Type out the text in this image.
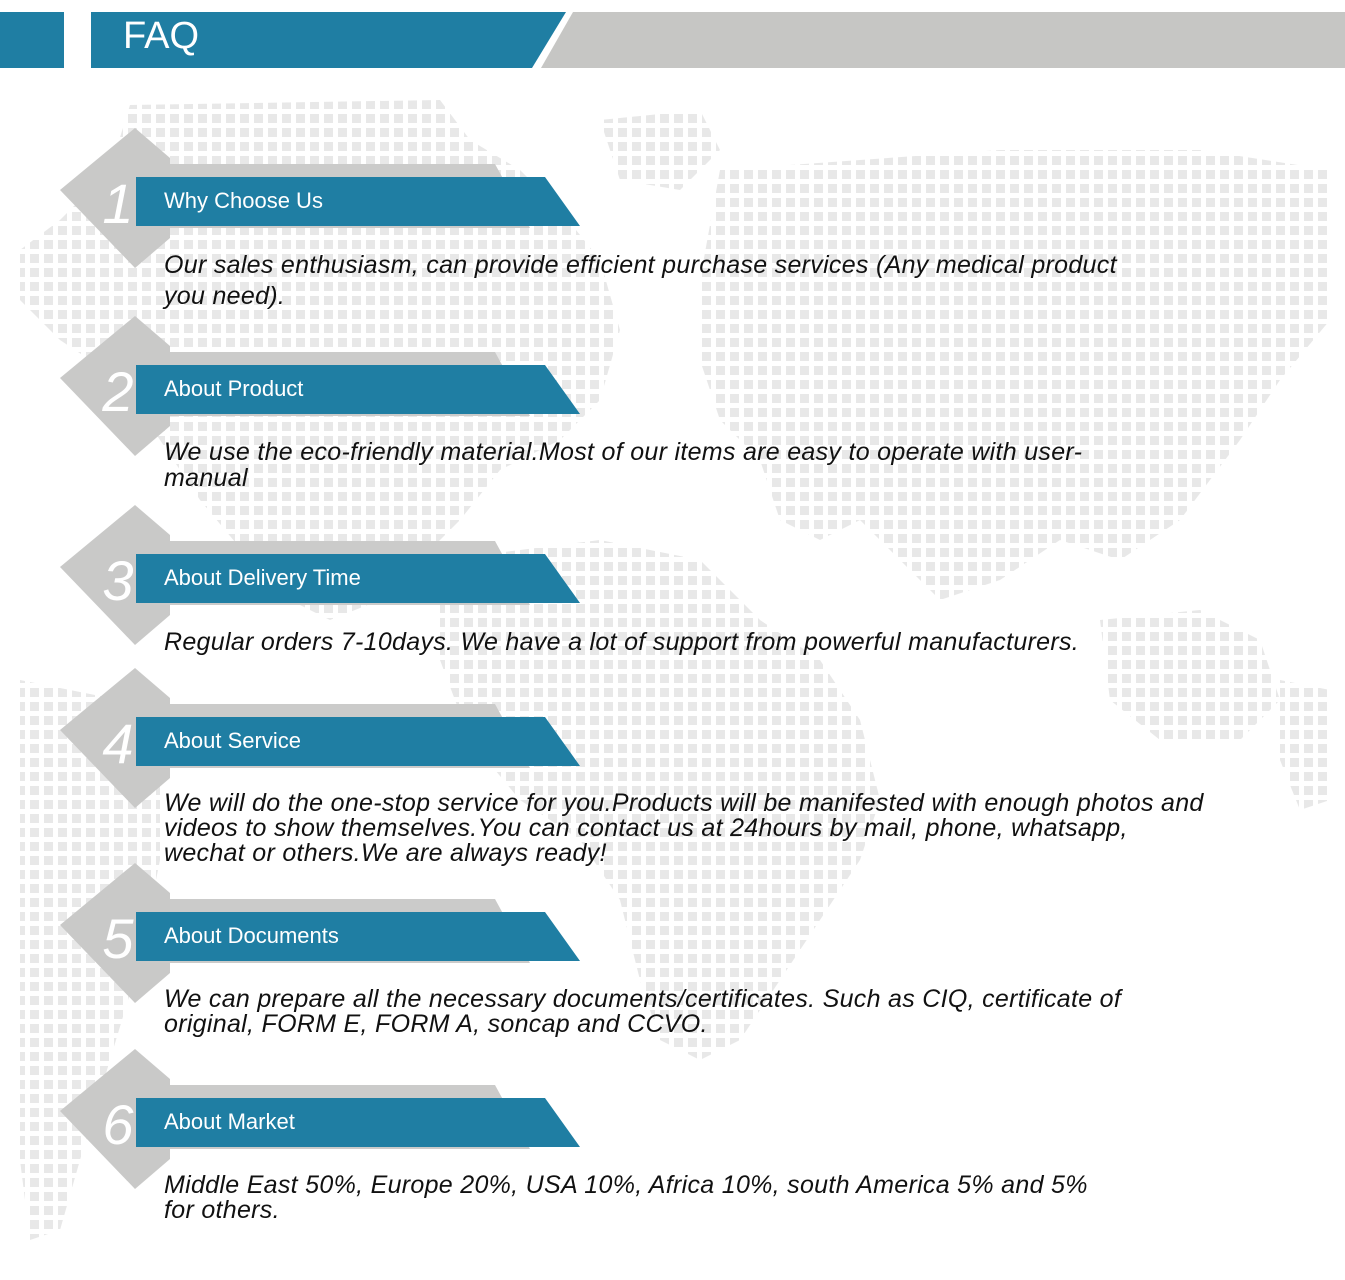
FAQ
1 Why Choose Us
Our sales enthusiasm, can provide efficient purchase services (Any medical product you need).
2 About Product
We use the eco-friendly material.Most of our items are easy to operate with user-manual
3 About Delivery Time
Regular orders 7-10days. We have a lot of support from powerful manufacturers.
4 About Service
We will do the one-stop service for you.Products will be manifested with enough photos and videos to show themselves.You can contact us at 24hours by mail, phone, whatsapp, wechat or others.We are always ready!
5 About Documents
We can prepare all the necessary documents/certificates. Such as CIQ, certificate of original, FORM E, FORM A, soncap and CCVO.
6 About Market
Middle East 50%, Europe 20%, USA 10%, Africa 10%, south America 5% and 5% for others.
